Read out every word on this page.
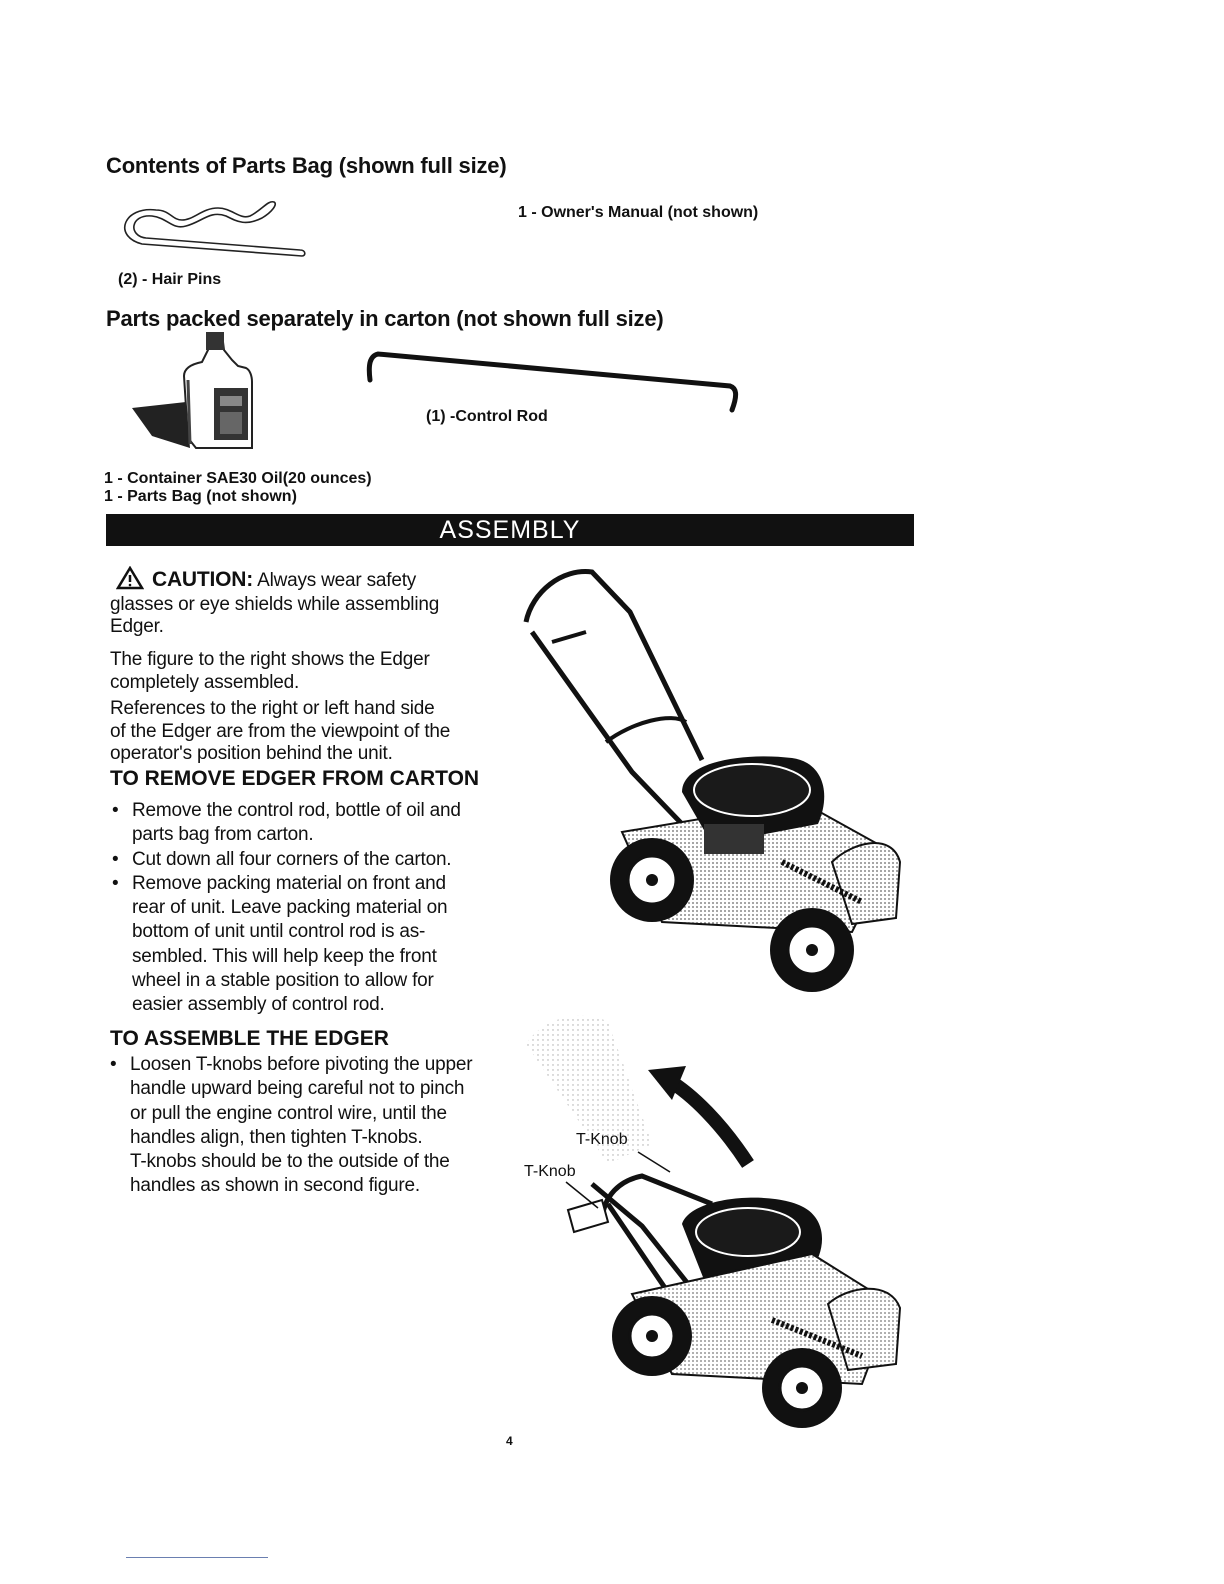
Contents of Parts Bag (shown full size)
(2) - Hair Pins
1 - Owner's Manual (not shown)
Parts packed separately in carton (not shown full size)
(1) -Control Rod
1 - Container SAE30 Oil(20 ounces)
1 - Parts Bag (not shown)
ASSEMBLY
CAUTION: Always wear safety
glasses or eye shields while assembling
Edger.
The figure to the right shows the Edger
completely assembled.
References to the right or left hand side
of the Edger are from the viewpoint of the
operator's position behind the unit.
TO REMOVE EDGER FROM CARTON
• Remove the control rod, bottle of oil and
parts bag from carton.
• Cut down all four corners of the carton.
• Remove packing material on front and
rear of unit. Leave packing material on
bottom of unit until control rod is as-
sembled. This will help keep the front
wheel in a stable position to allow for
easier assembly of control rod.
TO ASSEMBLE THE EDGER
• Loosen T-knobs before pivoting the upper
handle upward being careful not to pinch
or pull the engine control wire, until the
handles align, then tighten T-knobs.
T-knobs should be to the outside of the
handles as shown in second figure.
T-Knob
T-Knob
4
